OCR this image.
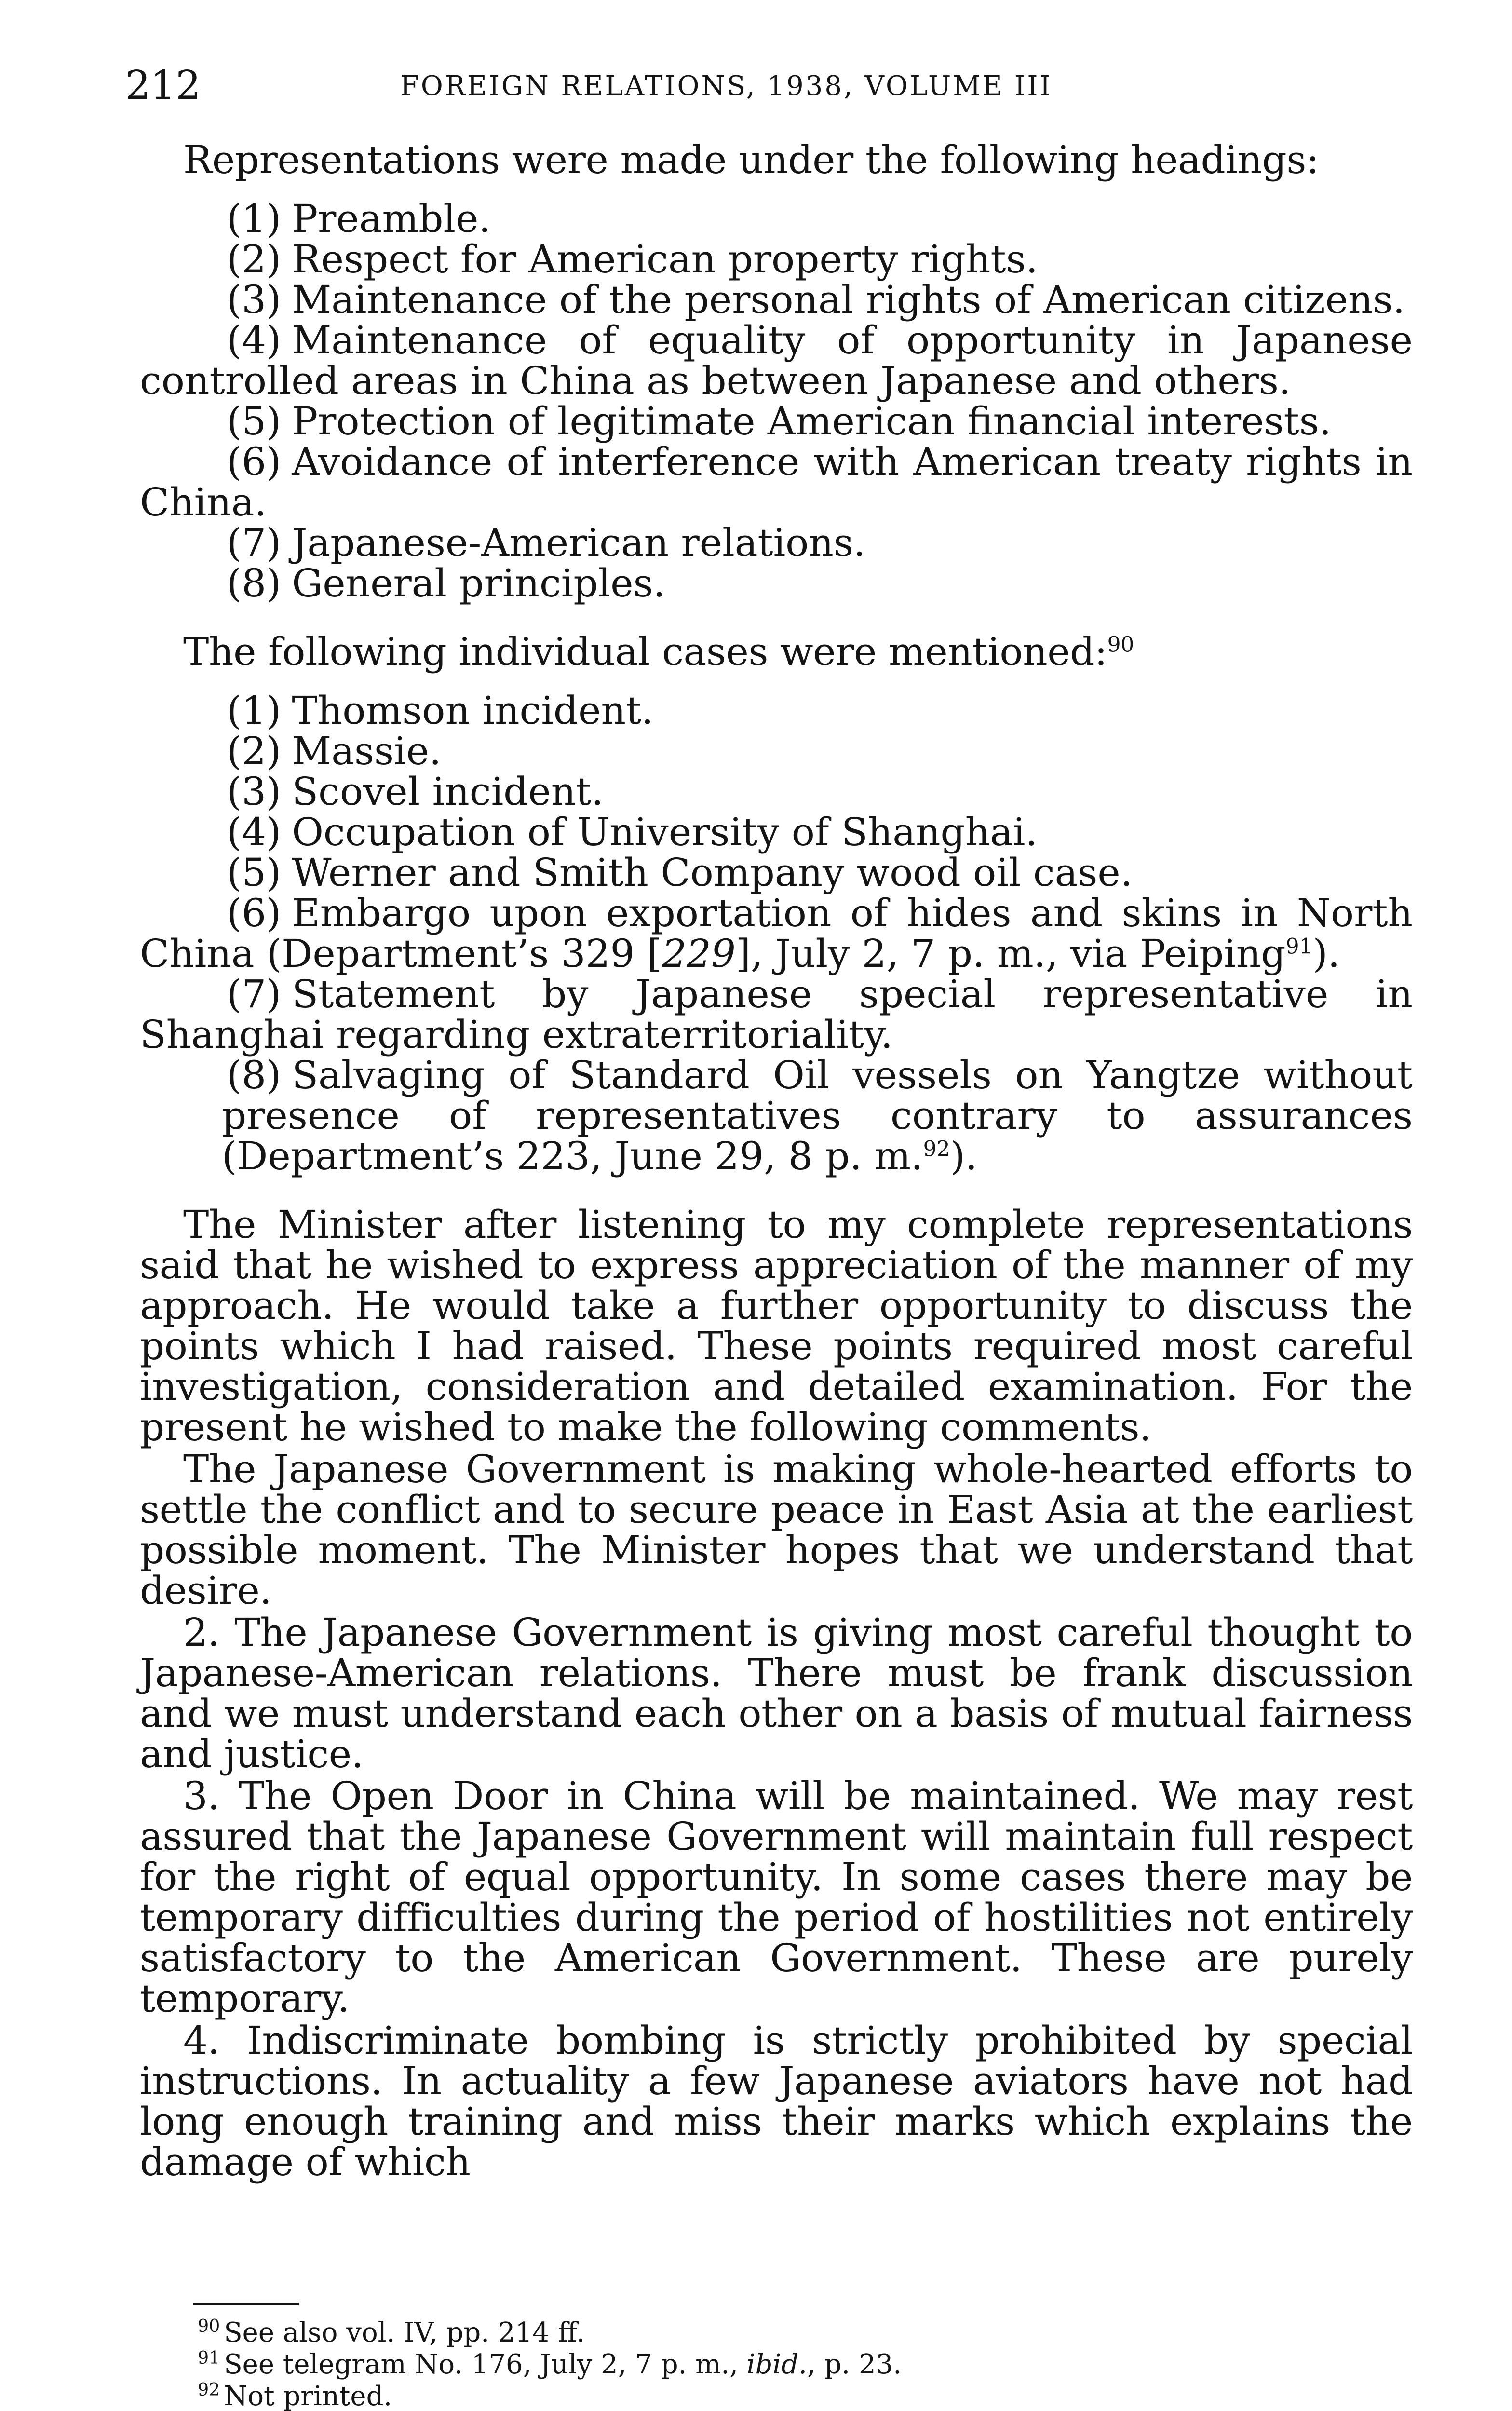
212	FOREIGN RELATIONS, 1938, VOLUME III

Representations were made under the following headings:

(1) Preamble.

(2) Respect for American property rights.

(3) Maintenance of the personal rights of American citizens.

(4) Maintenance of equality of opportunity in Japanese controlled areas in China as between Japanese and others.

(5) Protection of legitimate American financial interests.

(6) Avoidance of interference with American treaty rights in China.

(7) Japanese-American relations.

(8) General principles.

The following individual cases were mentioned:$^{90}$

(1) Thomson incident.

(2) Massie.

(3) Scovel incident.

(4) Occupation of University of Shanghai.

(5) Werner and Smith Company wood oil case.

(6) Embargo upon exportation of hides and skins in North China (Department’s 329 [229], July 2, 7 p. m., via Peiping$^{91}$).

(7) Statement by Japanese special representative in Shanghai regarding extraterritoriality.

(8) Salvaging of Standard Oil vessels on Yangtze without presence of representatives contrary to assurances (Department’s 223, June 29, 8 p. m.$^{92}$).

The Minister after listening to my complete representations said that he wished to express appreciation of the manner of my approach. He would take a further opportunity to discuss the points which I had raised. These points required most careful investigation, consideration and detailed examination. For the present he wished to make the following comments.

The Japanese Government is making whole-hearted efforts to settle the conflict and to secure peace in East Asia at the earliest possible moment. The Minister hopes that we understand that desire.

2. The Japanese Government is giving most careful thought to Japanese-American relations. There must be frank discussion and we must understand each other on a basis of mutual fairness and justice.

3. The Open Door in China will be maintained. We may rest assured that the Japanese Government will maintain full respect for the right of equal opportunity. In some cases there may be temporary difficulties during the period of hostilities not entirely satisfactory to the American Government. These are purely temporary.

4. Indiscriminate bombing is strictly prohibited by special instructions. In actuality a few Japanese aviators have not had long enough training and miss their marks which explains the damage of which

$^{90}$ See also vol. IV, pp. 214 ff.

$^{91}$ See telegram No. 176, July 2, 7 p. m., ibid., p. 23.

$^{92}$ Not printed.
